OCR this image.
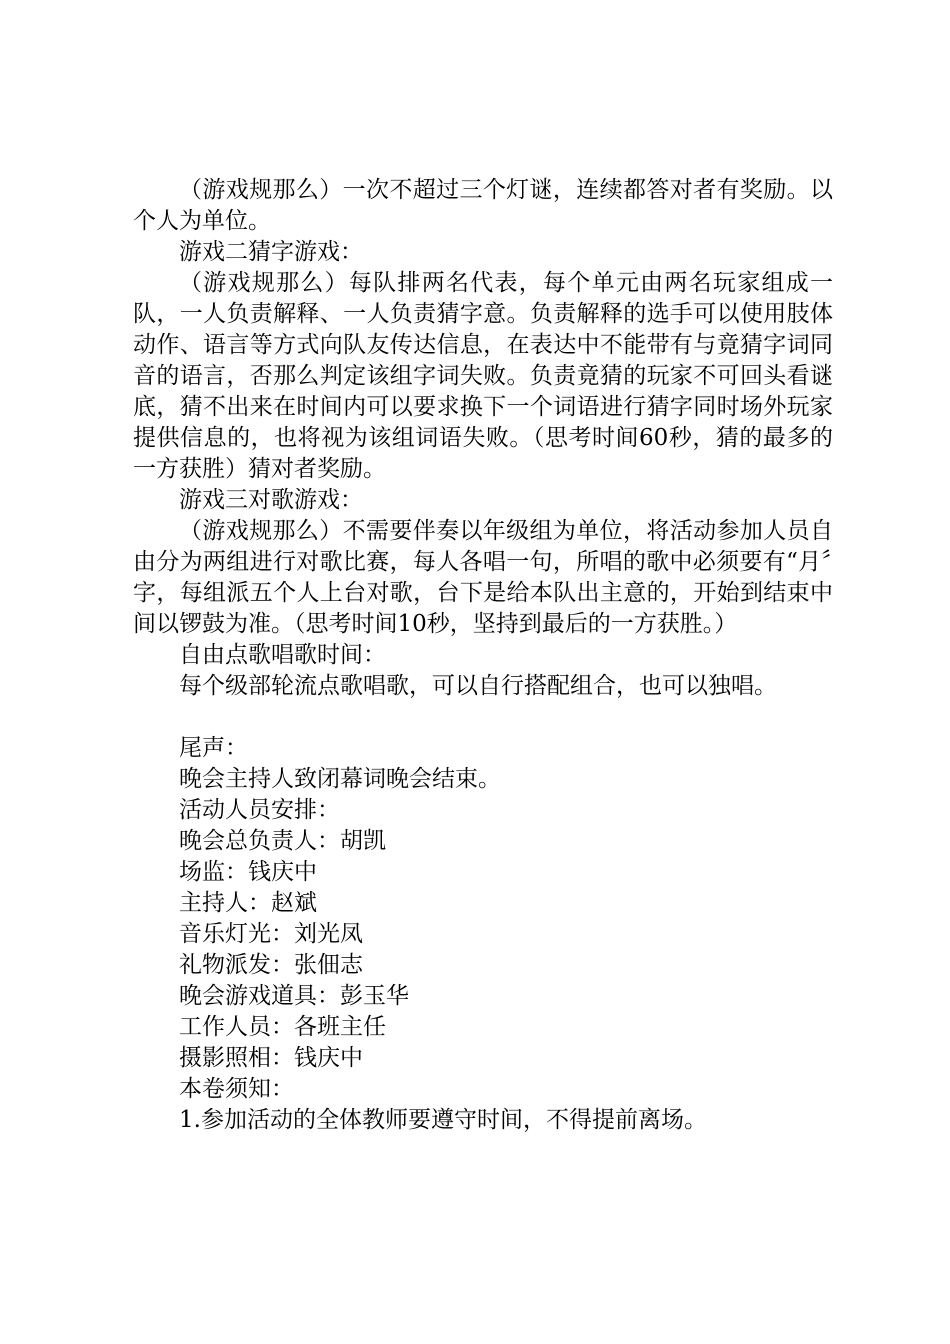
（游戏规那么）一次不超过三个灯谜，连续都答对者有奖励。以个人为单位。

游戏二猜字游戏：

（游戏规那么）每队排两名代表，每个单元由两名玩家组成一队，一人负责解释、一人负责猜字意。负责解释的选手可以使用肢体动作、语言等方式向队友传达信息，在表达中不能带有与竟猜字词同音的语言，否那么判定该组字词失败。负责竟猜的玩家不可回头看谜底，猜不出来在时间内可以要求换下一个词语进行猜字同时场外玩家提供信息的，也将视为该组词语失败。（思考时间60秒，猜的最多的一方获胜）猜对者奖励。

游戏三对歌游戏：

（游戏规那么）不需要伴奏以年级组为单位，将活动参加人员自由分为两组进行对歌比赛，每人各唱一句，所唱的歌中必须要有“月〞字，每组派五个人上台对歌，台下是给本队出主意的，开始到结束中间以锣鼓为准。（思考时间10秒，坚持到最后的一方获胜。）

自由点歌唱歌时间：

每个级部轮流点歌唱歌，可以自行搭配组合，也可以独唱。

尾声：

晚会主持人致闭幕词晚会结束。

活动人员安排：

晚会总负责人：胡凯

场监：钱庆中

主持人：赵斌

音乐灯光：刘光凤

礼物派发：张佃志

晚会游戏道具：彭玉华

工作人员：各班主任

摄影照相：钱庆中

本卷须知：

1.参加活动的全体教师要遵守时间，不得提前离场。
